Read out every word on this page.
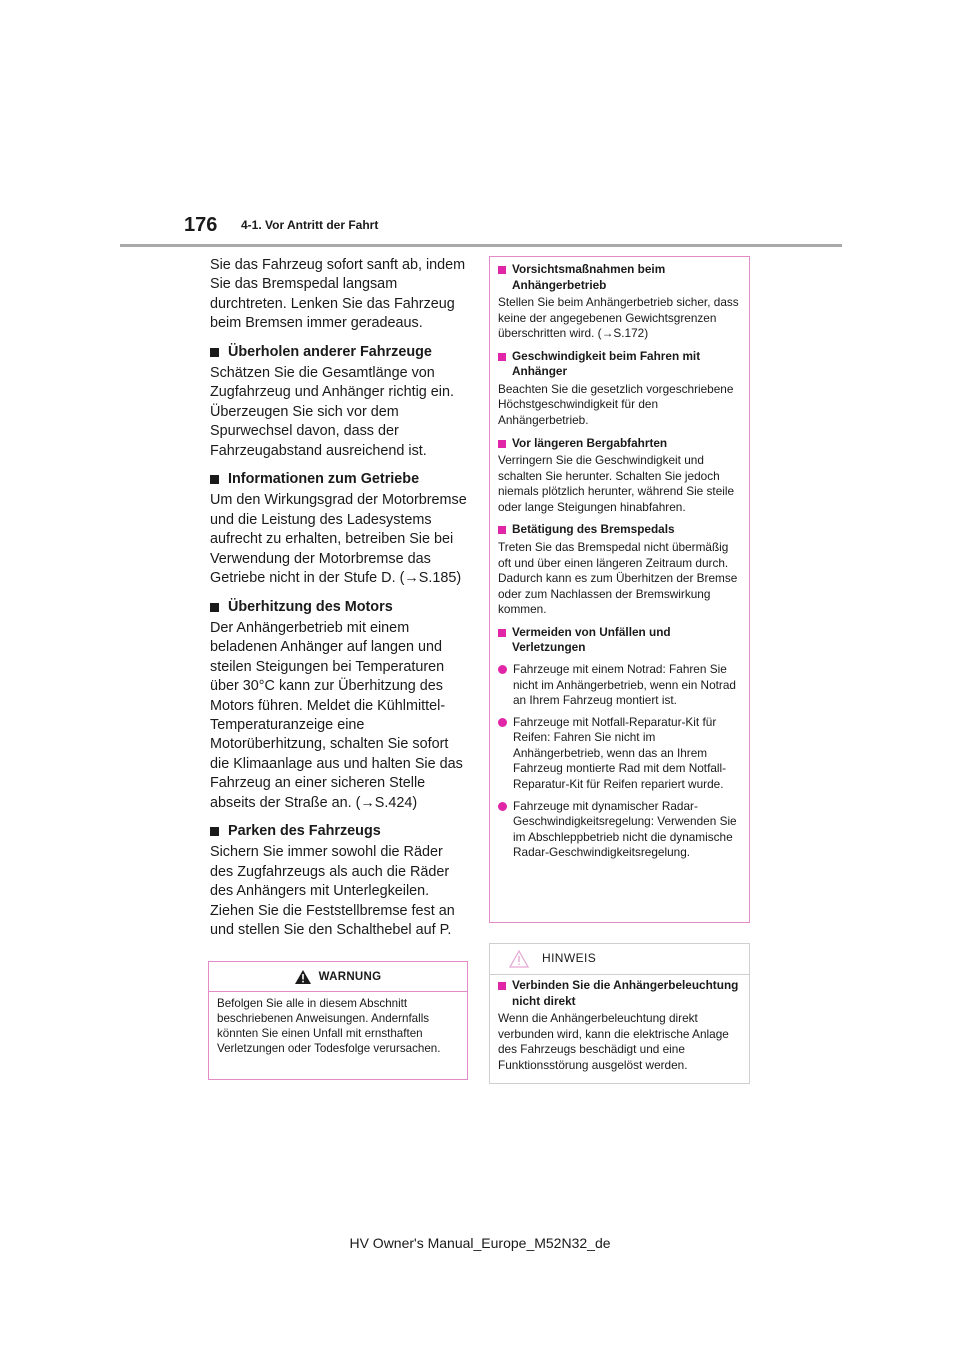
176 4-1. Vor Antritt der Fahrt

Sie das Fahrzeug sofort sanft ab, indem Sie das Bremspedal langsam durchtreten. Lenken Sie das Fahrzeug beim Bremsen immer geradeaus.

Überholen anderer Fahrzeuge

Schätzen Sie die Gesamtlänge von Zugfahrzeug und Anhänger richtig ein. Überzeugen Sie sich vor dem Spurwechsel davon, dass der Fahrzeugabstand ausreichend ist.

Informationen zum Getriebe

Um den Wirkungsgrad der Motorbremse und die Leistung des Ladesystems aufrecht zu erhalten, betreiben Sie bei Verwendung der Motorbremse das Getriebe nicht in der Stufe D. (→S.185)

Überhitzung des Motors

Der Anhängerbetrieb mit einem beladenen Anhänger auf langen und steilen Steigungen bei Temperaturen über 30°C kann zur Überhitzung des Motors führen. Meldet die Kühlmittel-Temperaturanzeige eine Motorüberhitzung, schalten Sie sofort die Klimaanlage aus und halten Sie das Fahrzeug an einer sicheren Stelle abseits der Straße an. (→S.424)

Parken des Fahrzeugs

Sichern Sie immer sowohl die Räder des Zugfahrzeugs als auch die Räder des Anhängers mit Unterlegkeilen. Ziehen Sie die Feststellbremse fest an und stellen Sie den Schalthebel auf P.

WARNUNG
Befolgen Sie alle in diesem Abschnitt beschriebenen Anweisungen. Andernfalls könnten Sie einen Unfall mit ernsthaften Verletzungen oder Todesfolge verursachen.
Vorsichtsmaßnahmen beim Anhängerbetrieb

Stellen Sie beim Anhängerbetrieb sicher, dass keine der angegebenen Gewichtsgrenzen überschritten wird. (→S.172)

Geschwindigkeit beim Fahren mit Anhänger

Beachten Sie die gesetzlich vorgeschriebene Höchstgeschwindigkeit für den Anhängerbetrieb.

Vor längeren Bergabfahrten

Verringern Sie die Geschwindigkeit und schalten Sie herunter. Schalten Sie jedoch niemals plötzlich herunter, während Sie steile oder lange Steigungen hinabfahren.

Betätigung des Bremspedals

Treten Sie das Bremspedal nicht übermäßig oft und über einen längeren Zeitraum durch. Dadurch kann es zum Überhitzen der Bremse oder zum Nachlassen der Bremswirkung kommen.

Vermeiden von Unfällen und Verletzungen
Fahrzeuge mit einem Notrad: Fahren Sie nicht im Anhängerbetrieb, wenn ein Notrad an Ihrem Fahrzeug montiert ist.
Fahrzeuge mit Notfall-Reparatur-Kit für Reifen: Fahren Sie nicht im Anhängerbetrieb, wenn das an Ihrem Fahrzeug montierte Rad mit dem Notfall-Reparatur-Kit für Reifen repariert wurde.
Fahrzeuge mit dynamischer Radar-Geschwindigkeitsregelung: Verwenden Sie im Abschleppbetrieb nicht die dynamische Radar-Geschwindigkeitsregelung.
HINWEIS
Verbinden Sie die Anhängerbeleuchtung nicht direkt

Wenn die Anhängerbeleuchtung direkt verbunden wird, kann die elektrische Anlage des Fahrzeugs beschädigt und eine Funktionsstörung ausgelöst werden.

HV Owner's Manual_Europe_M52N32_de
